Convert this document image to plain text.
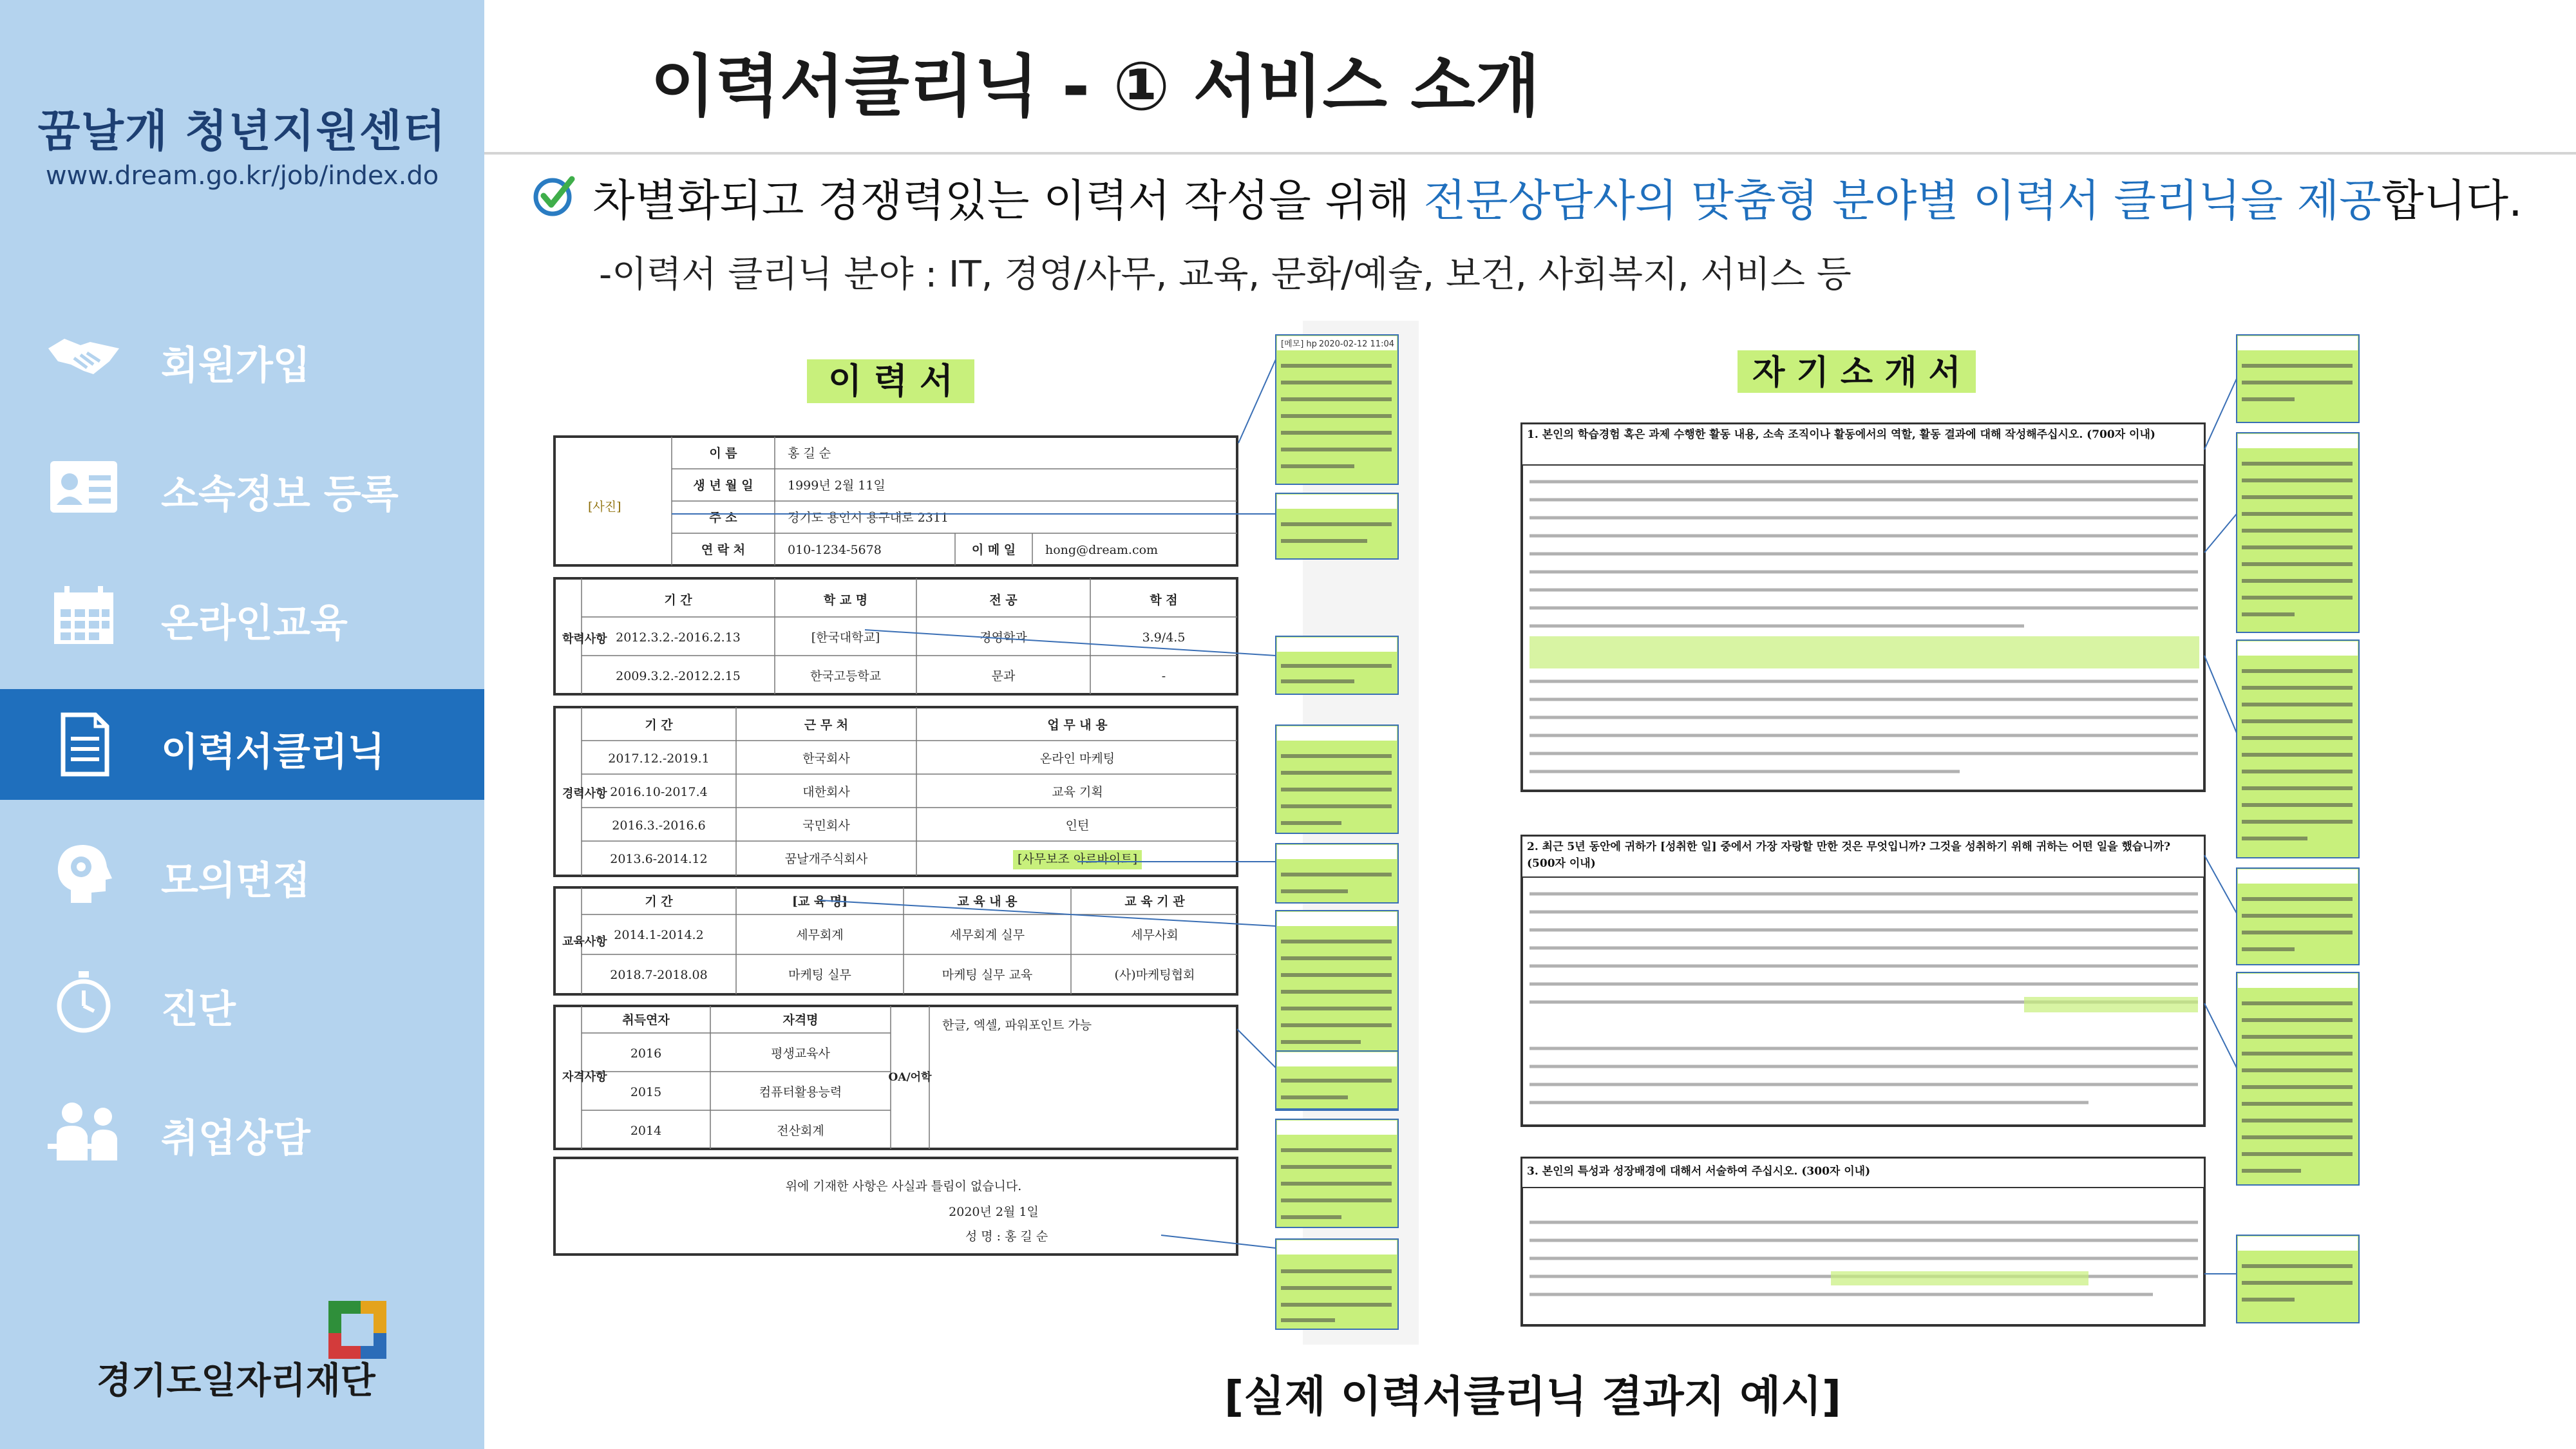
꿈날개 청년지원센터
www.dream.go.kr/job/index.do
회원가입
소속정보 등록
온라인교육
이력서클리닉
모의면접
진단
취업상담
경기도일자리재단
이력서클리닉 - ① 서비스 소개
차별화되고 경쟁력있는 이력서 작성을 위해 전문상담사의 맞춤형 분야별 이력서 클리닉을 제공합니다.
-이력서 클리닉 분야 : IT, 경영/사무, 교육, 문화/예술, 보건, 사회복지, 서비스 등
이 력 서
[사진]
이 름	홍 길 순
생 년 월 일	1999년 2월 11일
주 소	경기도 용인시 용구대로 2311
연 락 처	010-1234-5678	이 메 일 hong@dream.com
학력사항
기 간	학 교 명	전 공	학 점
2012.3.2.-2016.2.13	[한국대학교]	경영학과	3.9/4.5
2009.3.2.-2012.2.15	한국고등학교	문과	-
경력사항
기 간	근 무 처	업 무 내 용
2017.12.-2019.1	한국회사	온라인 마케팅
2016.10-2017.4	대한회사	교육 기획
2016.3.-2016.6	국민회사	인턴
2013.6-2014.12	꿈날개주식회사	[사무보조 아르바이트]
교육사항
기 간	[교 육 명]	교 육 내 용	교 육 기 관
2014.1-2014.2	세무회계	세무회계 실무	세무사회
2018.7-2018.08	마케팅 실무	마케팅 실무 교육	(사)마케팅협회
자격사항
취득연자	자격명
2016	평생교육사
2015	컴퓨터활용능력
2014	전산회계
OA/어학
한글, 엑셀, 파워포인트 가능
위에 기재한 사항은 사실과 틀림이 없습니다.
2020년 2월 1일
성 명 : 홍 길 순
[메모] hp 2020-02-12 11:04
자 기 소 개 서
1. 본인의 학습경험 혹은 과제 수행한 활동 내용, 소속 조직이나 활동에서의 역할, 활동 결과에 대해 작성해주십시오. (700자 이내)
2. 최근 5년 동안에 귀하가 [성취한 일] 중에서 가장 자랑할 만한 것은 무엇입니까? 그것을 성취하기 위해 귀하는 어떤 일을 했습니까? (500자 이내)
3. 본인의 특성과 성장배경에 대해서 서술하여 주십시오. (300자 이내)
[실제 이력서클리닉 결과지 예시]
